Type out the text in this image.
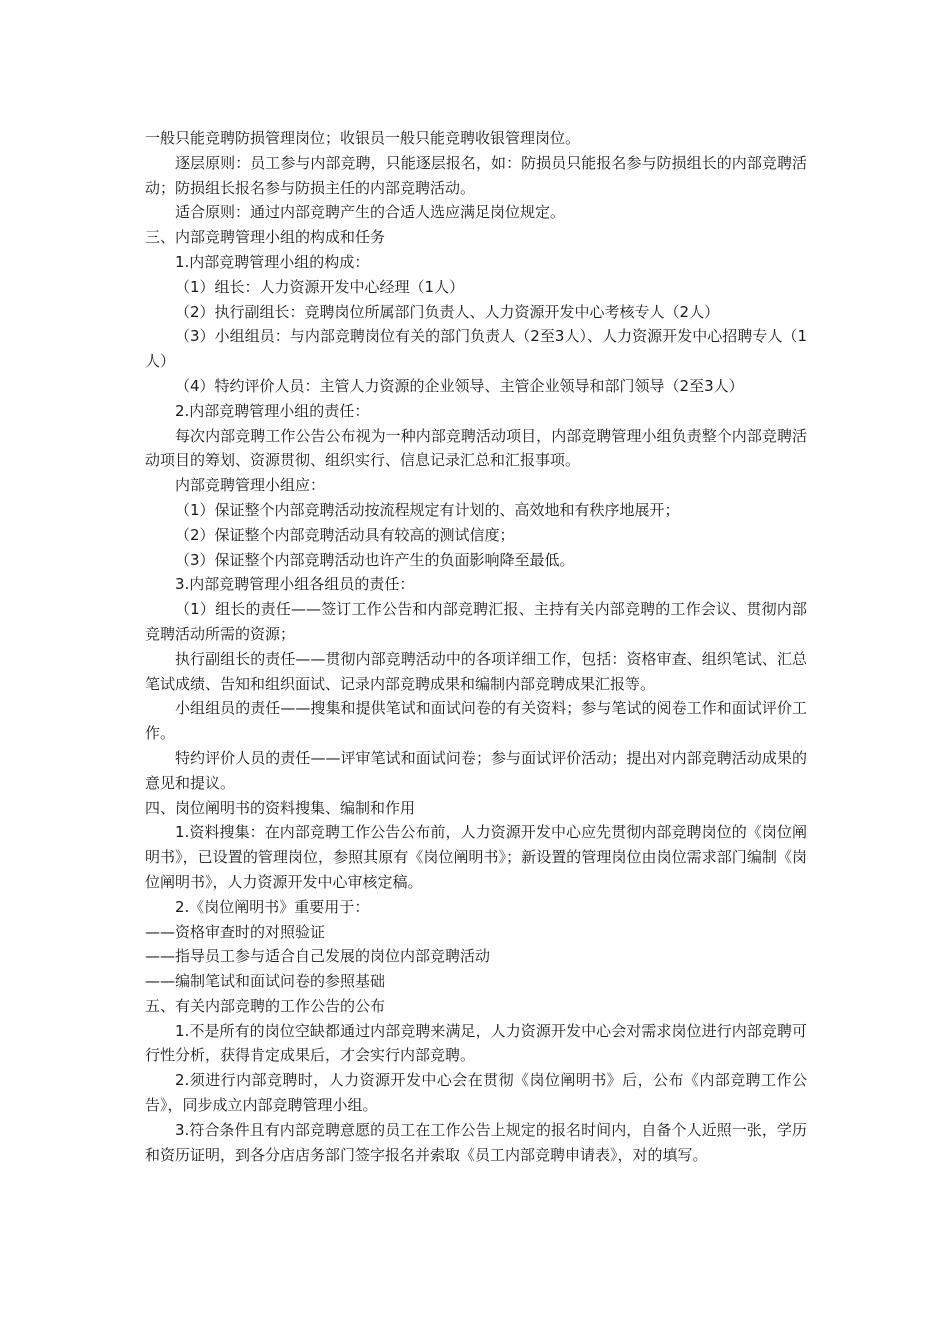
一般只能竞聘防损管理岗位；收银员一般只能竞聘收银管理岗位。

逐层原则：员工参与内部竞聘，只能逐层报名，如：防损员只能报名参与防损组长的内部竞聘活动；防损组长报名参与防损主任的内部竞聘活动。

适合原则：通过内部竞聘产生的合适人选应满足岗位规定。

三、内部竞聘管理小组的构成和任务

1.内部竞聘管理小组的构成：

（1）组长：人力资源开发中心经理（1人）

（2）执行副组长：竞聘岗位所属部门负责人、人力资源开发中心考核专人（2人）

（3）小组组员：与内部竞聘岗位有关的部门负责人（2至3人）、人力资源开发中心招聘专人（1人）

（4）特约评价人员：主管人力资源的企业领导、主管企业领导和部门领导（2至3人）

2.内部竞聘管理小组的责任：

每次内部竞聘工作公告公布视为一种内部竞聘活动项目，内部竞聘管理小组负责整个内部竞聘活动项目的筹划、资源贯彻、组织实行、信息记录汇总和汇报事项。

内部竞聘管理小组应：

（1）保证整个内部竞聘活动按流程规定有计划的、高效地和有秩序地展开；

（2）保证整个内部竞聘活动具有较高的测试信度；

（3）保证整个内部竞聘活动也许产生的负面影响降至最低。

3.内部竞聘管理小组各组员的责任：

（1）组长的责任——签订工作公告和内部竞聘汇报、主持有关内部竞聘的工作会议、贯彻内部竞聘活动所需的资源；

执行副组长的责任——贯彻内部竞聘活动中的各项详细工作，包括：资格审查、组织笔试、汇总笔试成绩、告知和组织面试、记录内部竞聘成果和编制内部竞聘成果汇报等。

小组组员的责任——搜集和提供笔试和面试问卷的有关资料；参与笔试的阅卷工作和面试评价工作。

特约评价人员的责任——评审笔试和面试问卷；参与面试评价活动；提出对内部竞聘活动成果的意见和提议。

四、岗位阐明书的资料搜集、编制和作用

1.资料搜集：在内部竞聘工作公告公布前，人力资源开发中心应先贯彻内部竞聘岗位的《岗位阐明书》，已设置的管理岗位，参照其原有《岗位阐明书》；新设置的管理岗位由岗位需求部门编制《岗位阐明书》，人力资源开发中心审核定稿。

2.《岗位阐明书》重要用于：

——资格审查时的对照验证

——指导员工参与适合自己发展的岗位内部竞聘活动

——编制笔试和面试问卷的参照基础

五、有关内部竞聘的工作公告的公布

1.不是所有的岗位空缺都通过内部竞聘来满足，人力资源开发中心会对需求岗位进行内部竞聘可行性分析，获得肯定成果后，才会实行内部竞聘。

2.须进行内部竞聘时，人力资源开发中心会在贯彻《岗位阐明书》后，公布《内部竞聘工作公告》，同步成立内部竞聘管理小组。

3.符合条件且有内部竞聘意愿的员工在工作公告上规定的报名时间内，自备个人近照一张，学历和资历证明，到各分店店务部门签字报名并索取《员工内部竞聘申请表》，对的填写。
